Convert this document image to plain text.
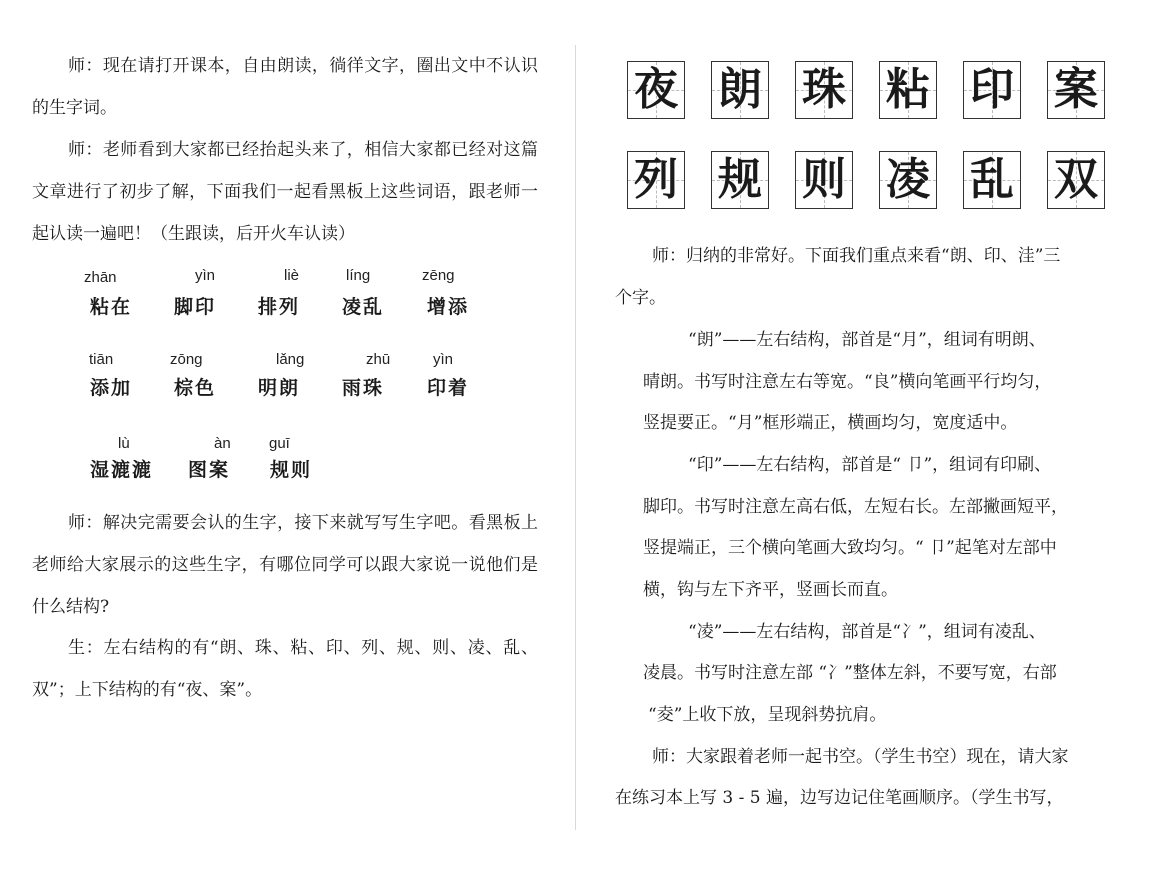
师：现在请打开课本，自由朗读，徜徉文字，圈出文中不认识的生字词。

师：老师看到大家都已经抬起头来了，相信大家都已经对这篇文章进行了初步了解，下面我们一起看黑板上这些词语，跟老师一起认读一遍吧！（生跟读，后开火车认读）

zhān
粘在
yìn
脚印
liè
排列
líng
凌乱
zēng
增添
tiān
添加
zōng
棕色
lǎng
明朗
zhū
雨珠
yìn
印着
lù
湿漉漉
àn
图案
guī
规则

师：解决完需要会认的生字，接下来就写写生字吧。看黑板上老师给大家展示的这些生字，有哪位同学可以跟大家说一说他们是什么结构?

生：左右结构的有“朗、珠、粘、印、列、规、则、凌、乱、双”；上下结构的有“夜、案”。

夜 朗 珠 粘 印 案
列 规 则 凌 乱 双
师：归纳的非常好。下面我们重点来看“朗、印、洼”三
个字。
“朗”——左右结构，部首是“月”，组词有明朗、
晴朗。书写时注意左右等宽。“良”横向笔画平行均匀，
竖提要正。“月”框形端正，横画均匀，宽度适中。
“印”——左右结构，部首是“ 卩”，组词有印刷、
脚印。书写时注意左高右低，左短右长。左部撇画短平，
竖提端正，三个横向笔画大致均匀。“ 卩”起笔对左部中
横，钩与左下齐平，竖画长而直。
“凌”——左右结构，部首是“冫”，组词有凌乱、
凌晨。书写时注意左部 “冫”整体左斜，不要写宽，右部
“夌”上收下放，呈现斜势抗肩。
师：大家跟着老师一起书空。（学生书空）现在，请大家
在练习本上写 3 - 5 遍，边写边记住笔画顺序。（学生书写，
